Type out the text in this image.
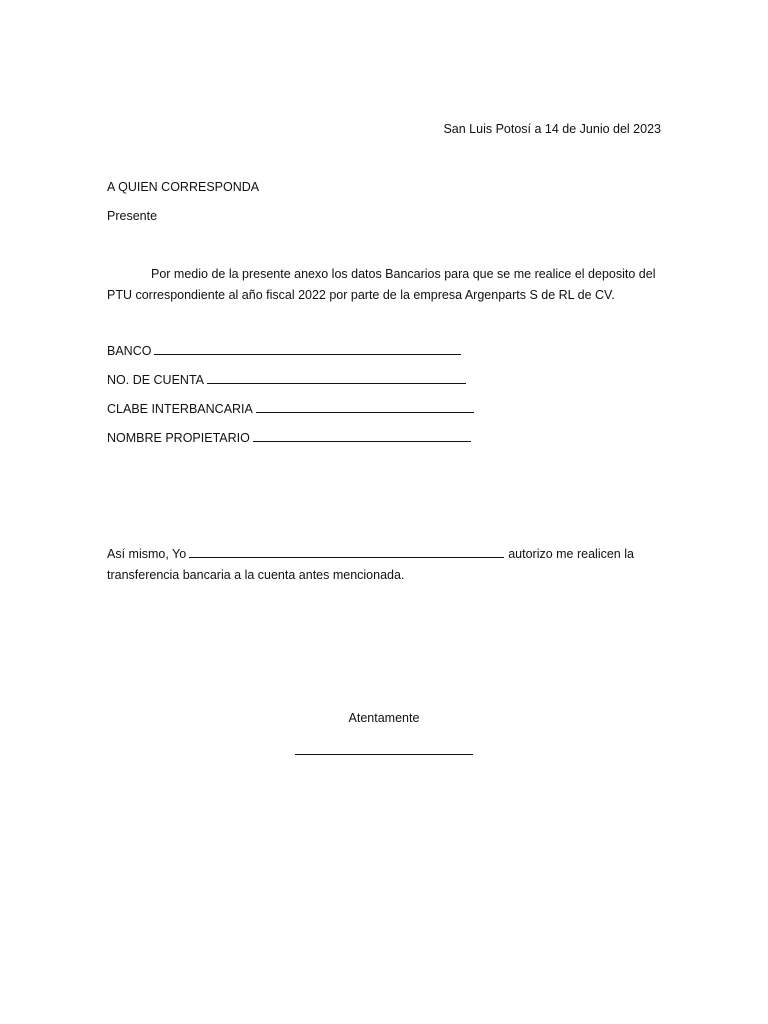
San Luis Potosí a 14 de Junio del 2023
A QUIEN CORRESPONDA
Presente
Por medio de la presente anexo los datos Bancarios para que se me realice el deposito del
PTU correspondiente al año fiscal 2022 por parte de la empresa Argenparts S de RL de CV.
BANCO
NO. DE CUENTA
CLABE INTERBANCARIA
NOMBRE PROPIETARIO
Así mismo, Yo	autorizo me realicen la
transferencia bancaria a la cuenta antes mencionada.
Atentamente
